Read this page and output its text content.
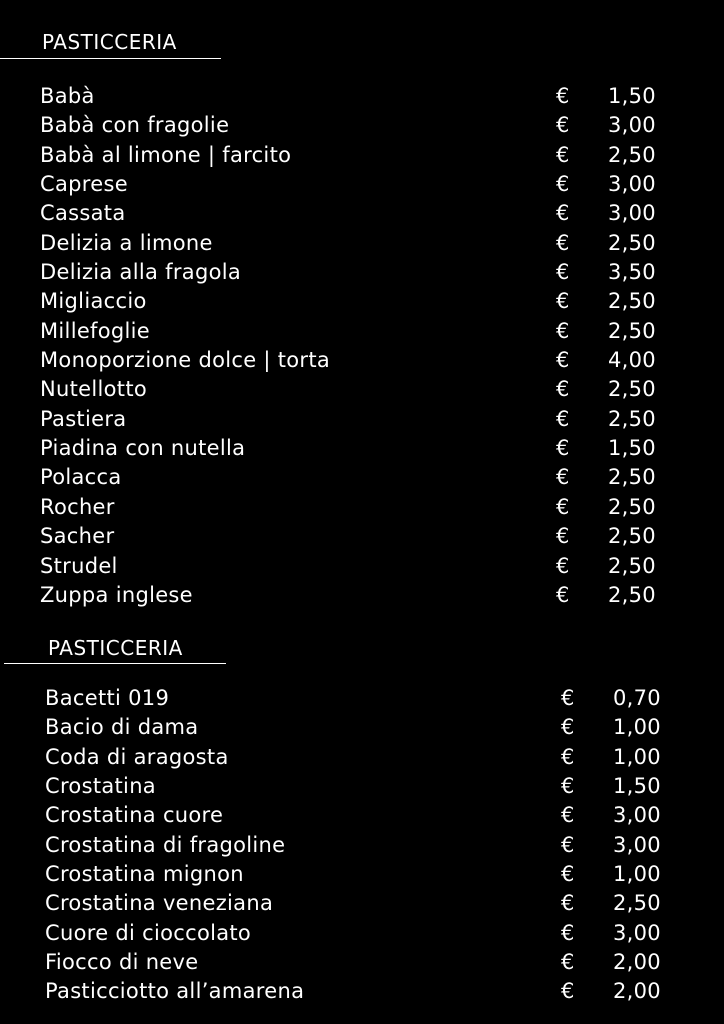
PASTICCERIA
Babà	€ 1,50
Babà con fragolie	€ 3,00
Babà al limone | farcito	€ 2,50
Caprese	€ 3,00
Cassata	€ 3,00
Delizia a limone	€ 2,50
Delizia alla fragola	€ 3,50
Migliaccio	€ 2,50
Millefoglie	€ 2,50
Monoporzione dolce | torta	€ 4,00
Nutellotto	€ 2,50
Pastiera	€ 2,50
Piadina con nutella	€ 1,50
Polacca	€ 2,50
Rocher	€ 2,50
Sacher	€ 2,50
Strudel	€ 2,50
Zuppa inglese	€ 2,50
PASTICCERIA
Bacetti 019	€ 0,70
Bacio di dama	€ 1,00
Coda di aragosta	€ 1,00
Crostatina	€ 1,50
Crostatina cuore	€ 3,00
Crostatina di fragoline	€ 3,00
Crostatina mignon	€ 1,00
Crostatina veneziana	€ 2,50
Cuore di cioccolato	€ 3,00
Fiocco di neve	€ 2,00
Pasticciotto all’amarena	€ 2,00
